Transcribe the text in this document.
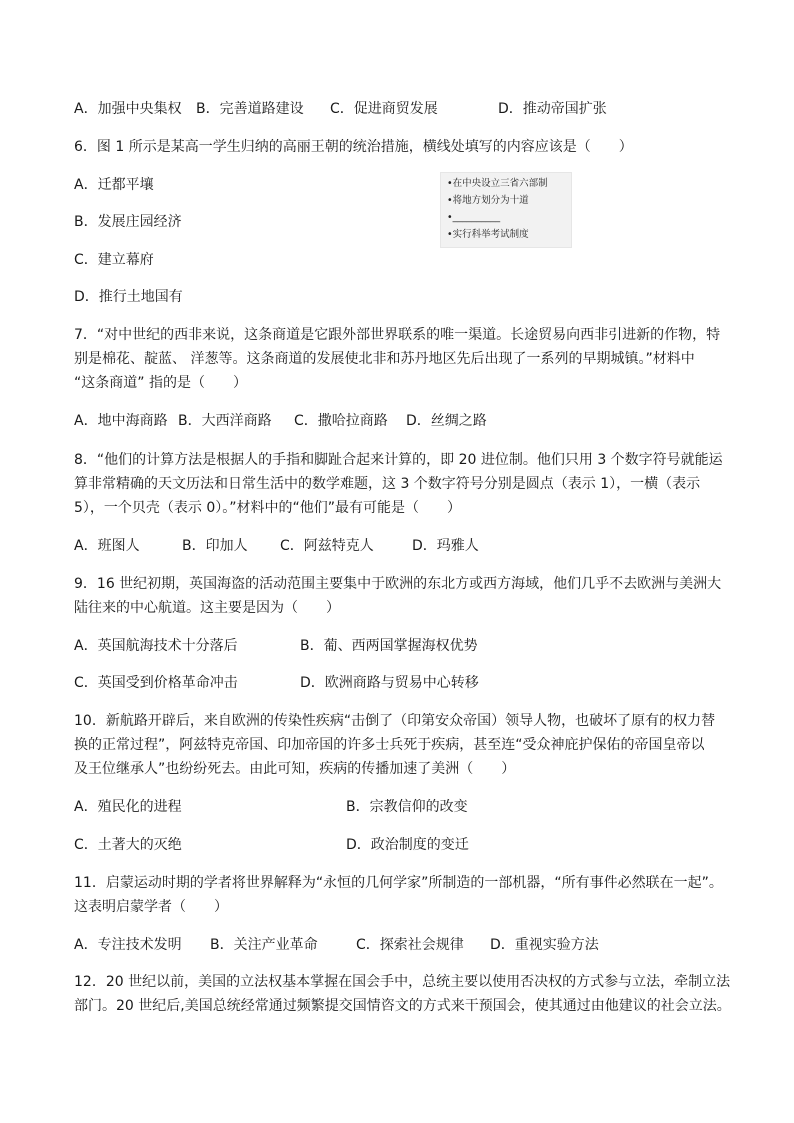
A．加强中央集权 B．完善道路建设 C．促进商贸发展	D．推动帝国扩张
6．图 1 所示是某高一学生归纳的高丽王朝的统治措施，横线处填写的内容应该是（　　）
A．迁都平壤
B．发展庄园经济
C．建立幕府
D．推行土地国有
•在中央设立三省六部制
•将地方划分为十道
•__________
•实行科举考试制度
7．“对中世纪的西非来说，这条商道是它跟外部世界联系的唯一渠道。长途贸易向西非引进新的作物，特
别是棉花、靛蓝、 洋葱等。这条商道的发展使北非和苏丹地区先后出现了一系列的早期城镇。”材料中
“这条商道” 指的是（　　）
A．地中海商路 B．大西洋商路 C．撒哈拉商路 D．丝绸之路
8．“他们的计算方法是根据人的手指和脚趾合起来计算的，即 20 进位制。他们只用 3 个数字符号就能运
算非常精确的天文历法和日常生活中的数学难题，这 3 个数字符号分别是圆点（表示 1），一横（表示
5），一个贝壳（表示 0）。”材料中的“他们”最有可能是（　　）
A．班图人	B．印加人 C．阿兹特克人	D．玛雅人
9．16 世纪初期，英国海盗的活动范围主要集中于欧洲的东北方或西方海域，他们几乎不去欧洲与美洲大
陆往来的中心航道。这主要是因为（　　）
A．英国航海技术十分落后	B．葡、西两国掌握海权优势
C．英国受到价格革命冲击	D．欧洲商路与贸易中心转移
10．新航路开辟后，来自欧洲的传染性疾病“击倒了（印第安众帝国）领导人物，也破坏了原有的权力替
换的正常过程”，阿兹特克帝国、印加帝国的许多士兵死于疾病，甚至连“受众神庇护保佑的帝国皇帝以
及王位继承人”也纷纷死去。由此可知，疾病的传播加速了美洲（　　）
A．殖民化的进程	B．宗教信仰的改变
C．土著大的灭绝	D．政治制度的变迁
11．启蒙运动时期的学者将世界解释为“永恒的几何学家”所制造的一部机器，“所有事件必然联在一起”。
这表明启蒙学者（　　）
A．专注技术发明 B．关注产业革命	C．探索社会规律 D．重视实验方法
12．20 世纪以前，美国的立法权基本掌握在国会手中，总统主要以使用否决权的方式参与立法，牵制立法
部门。20 世纪后,美国总统经常通过频繁提交国情咨文的方式来干预国会，使其通过由他建议的社会立法。
